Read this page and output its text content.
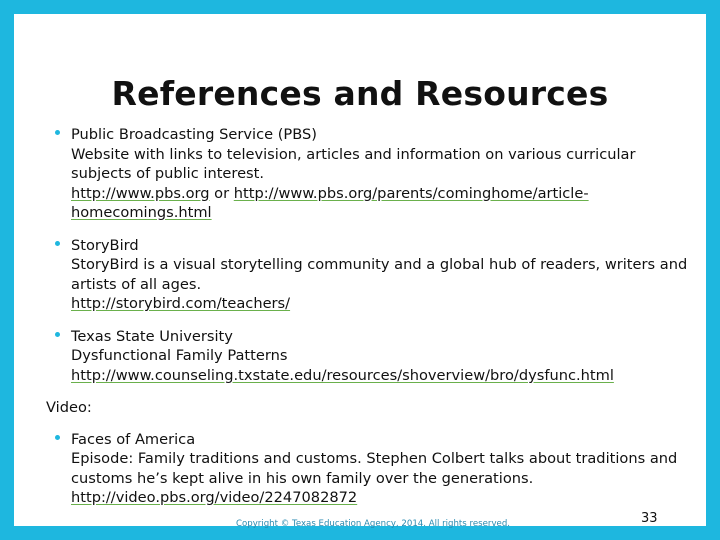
References and Resources
Public Broadcasting Service (PBS)
Website with links to television, articles and information on various curricular
subjects of public interest.
http://www.pbs.org or http://www.pbs.org/parents/cominghome/article-
homecomings.html
StoryBird
StoryBird is a visual storytelling community and a global hub of readers, writers and
artists of all ages.
http://storybird.com/teachers/
Texas State University
Dysfunctional Family Patterns
http://www.counseling.txstate.edu/resources/shoverview/bro/dysfunc.html
Video:
Faces of America
Episode: Family traditions and customs. Stephen Colbert talks about traditions and
customs he’s kept alive in his own family over the generations.
http://video.pbs.org/video/2247082872
Copyright © Texas Education Agency, 2014. All rights reserved.	33
